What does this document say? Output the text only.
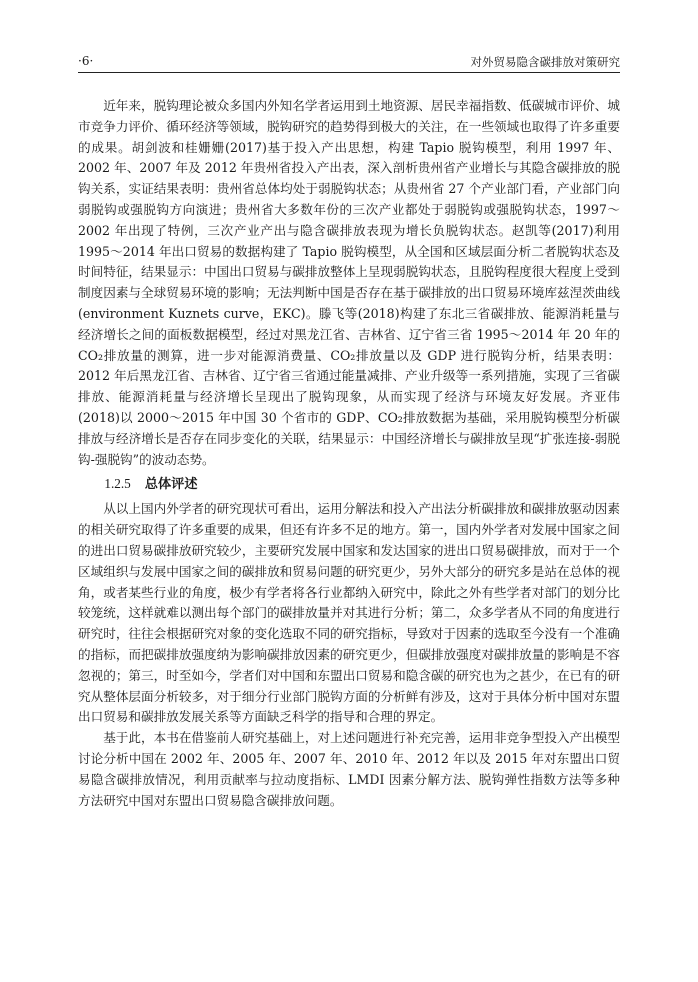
·6·	对外贸易隐含碳排放对策研究

近年来，脱钩理论被众多国内外知名学者运用到土地资源、居民幸福指数、低碳城市评价、城市竞争力评价、循环经济等领域，脱钩研究的趋势得到极大的关注，在一些领域也取得了许多重要的成果。胡剑波和桂姗姗(2017)基于投入产出思想，构建 Tapio 脱钩模型，利用 1997 年、2002 年、2007 年及 2012 年贵州省投入产出表，深入剖析贵州省产业增长与其隐含碳排放的脱钩关系，实证结果表明：贵州省总体均处于弱脱钩状态；从贵州省 27 个产业部门看，产业部门向弱脱钩或强脱钩方向演进；贵州省大多数年份的三次产业都处于弱脱钩或强脱钩状态，1997～2002 年出现了特例，三次产业产出与隐含碳排放表现为增长负脱钩状态。赵凯等(2017)利用 1995～2014 年出口贸易的数据构建了 Tapio 脱钩模型，从全国和区域层面分析二者脱钩状态及时间特征，结果显示：中国出口贸易与碳排放整体上呈现弱脱钩状态，且脱钩程度很大程度上受到制度因素与全球贸易环境的影响；无法判断中国是否存在基于碳排放的出口贸易环境库兹涅茨曲线(environment Kuznets curve，EKC)。滕飞等(2018)构建了东北三省碳排放、能源消耗量与经济增长之间的面板数据模型，经过对黑龙江省、吉林省、辽宁省三省 1995～2014 年 20 年的 CO₂排放量的测算，进一步对能源消费量、CO₂排放量以及 GDP 进行脱钩分析，结果表明：2012 年后黑龙江省、吉林省、辽宁省三省通过能量减排、产业升级等一系列措施，实现了三省碳排放、能源消耗量与经济增长呈现出了脱钩现象，从而实现了经济与环境友好发展。齐亚伟(2018)以 2000～2015 年中国 30 个省市的 GDP、CO₂排放数据为基础，采用脱钩模型分析碳排放与经济增长是否存在同步变化的关联，结果显示：中国经济增长与碳排放呈现“扩张连接-弱脱钩-强脱钩”的波动态势。

1.2.5 总体评述

从以上国内外学者的研究现状可看出，运用分解法和投入产出法分析碳排放和碳排放驱动因素的相关研究取得了许多重要的成果，但还有许多不足的地方。第一，国内外学者对发展中国家之间的进出口贸易碳排放研究较少，主要研究发展中国家和发达国家的进出口贸易碳排放，而对于一个区域组织与发展中国家之间的碳排放和贸易问题的研究更少，另外大部分的研究多是站在总体的视角，或者某些行业的角度，极少有学者将各行业都纳入研究中，除此之外有些学者对部门的划分比较笼统，这样就难以测出每个部门的碳排放量并对其进行分析；第二，众多学者从不同的角度进行研究时，往往会根据研究对象的变化选取不同的研究指标，导致对于因素的选取至今没有一个准确的指标，而把碳排放强度纳为影响碳排放因素的研究更少，但碳排放强度对碳排放量的影响是不容忽视的；第三，时至如今，学者们对中国和东盟出口贸易和隐含碳的研究也为之甚少，在已有的研究从整体层面分析较多，对于细分行业部门脱钩方面的分析鲜有涉及，这对于具体分析中国对东盟出口贸易和碳排放发展关系等方面缺乏科学的指导和合理的界定。

基于此，本书在借鉴前人研究基础上，对上述问题进行补充完善，运用非竞争型投入产出模型讨论分析中国在 2002 年、2005 年、2007 年、2010 年、2012 年以及 2015 年对东盟出口贸易隐含碳排放情况，利用贡献率与拉动度指标、LMDI 因素分解方法、脱钩弹性指数方法等多种方法研究中国对东盟出口贸易隐含碳排放问题。
